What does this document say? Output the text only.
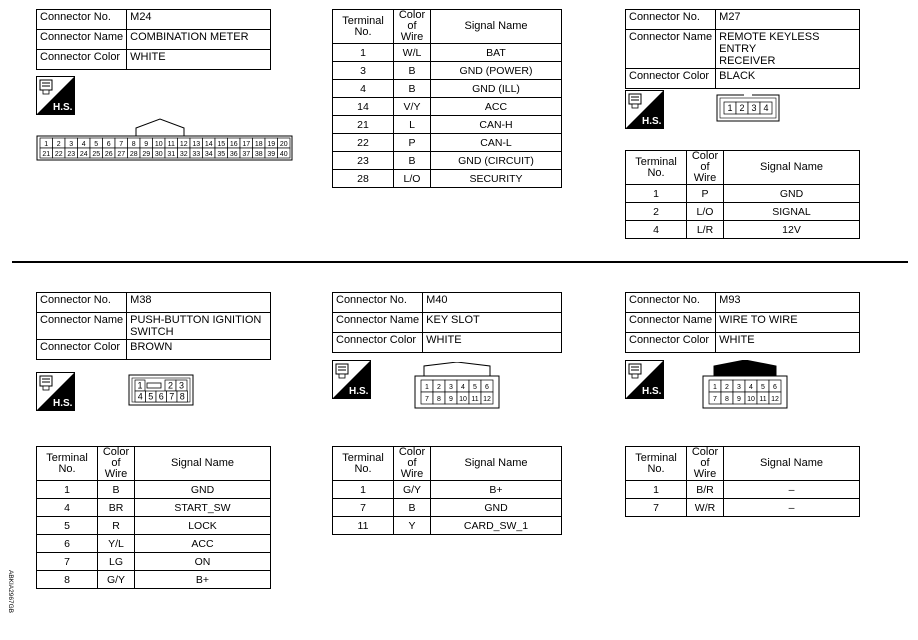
Connector No.	M24
Connector Name	COMBINATION METER
Connector Color	WHITE
H.S.
1 2 3 4 5 6 7 8 9 10 11 12 13 14 15 16 17 18 19 20
21 22 23 24 25 26 27 28 29 30 31 32 33 34 35 36 37 38 39 40
Terminal No.	Color of
Wire	Signal Name
1	W/L	BAT
3	B	GND (POWER)
4	B	GND (ILL)
14	V/Y	ACC
21	L	CAN-H
22	P	CAN-L
23	B	GND (CIRCUIT)
28	L/O	SECURITY
Connector No.	M27
Connector Name	REMOTE KEYLESS ENTRY
RECEIVER
Connector Color	BLACK
H.S.
1 2 3 4
Terminal No.	Color of
Wire	Signal Name
1	P	GND
2	L/O	SIGNAL
4	L/R	12V
Connector No.	M38
Connector Name	PUSH-BUTTON IGNITION
SWITCH
Connector Color	BROWN
H.S.
1	2 3
4 5 6 7 8
Terminal No.	Color of
Wire	Signal Name
1	B	GND
4	BR	START_SW
5	R	LOCK
6	Y/L	ACC
7	LG	ON
8	G/Y	B+
Connector No.	M40
Connector Name	KEY SLOT
Connector Color	WHITE
H.S.	1 2 3 4 5 6
7 8 9 10 11 12
Terminal No.	Color of
Wire	Signal Name
1	G/Y	B+
7	B	GND
11	Y	CARD_SW_1
Connector No.	M93
Connector Name	WIRE TO WIRE
Connector Color	WHITE
H.S.	1 2 3 4 5 6
7 8 9 10 11 12
Terminal No.	Color of
Wire	Signal Name
1	B/R	–
7	W/R	–
ABKIA2967GB
